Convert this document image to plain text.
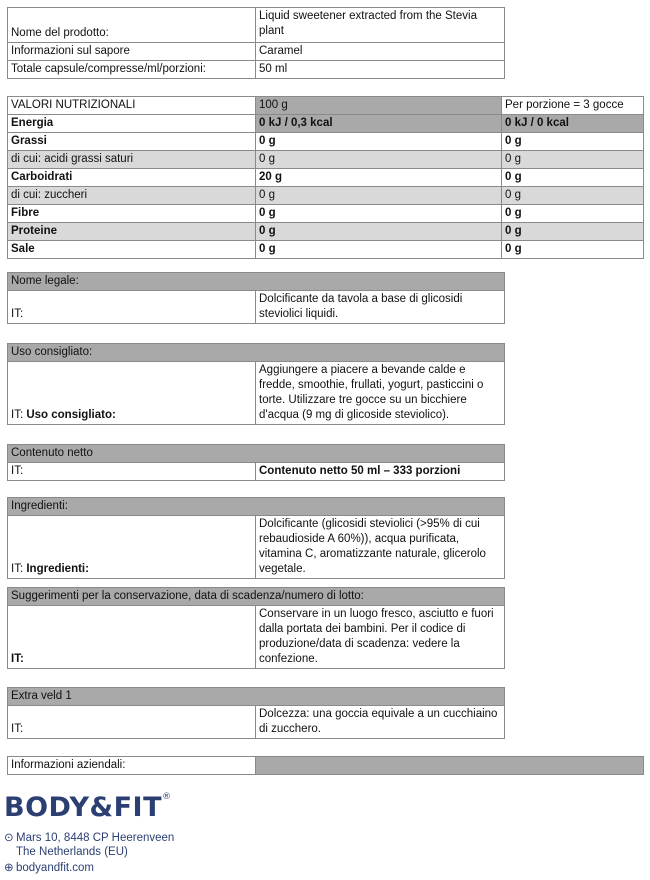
Nome del prodotto:	Liquid sweetener extracted from the Stevia plant
Informazioni sul sapore	Caramel
Totale capsule/compresse/ml/porzioni:	50 ml
VALORI NUTRIZIONALI	100 g	Per porzione = 3 gocce
Energia	0 kJ / 0,3 kcal	0 kJ / 0 kcal
Grassi	0 g	0 g
di cui: acidi grassi saturi	0 g	0 g
Carboidrati	20 g	0 g
di cui: zuccheri	0 g	0 g
Fibre	0 g	0 g
Proteine	0 g	0 g
Sale	0 g	0 g
Nome legale:
IT:	Dolcificante da tavola a base di glicosidi steviolici liquidi.
Uso consigliato:
IT: Uso consigliato:	Aggiungere a piacere a bevande calde e fredde, smoothie, frullati, yogurt, pasticcini o torte. Utilizzare tre gocce su un bicchiere d'acqua (9 mg di glicoside steviolico).
Contenuto netto
IT:	Contenuto netto 50 ml – 333 porzioni
Ingredienti:
IT: Ingredienti:	Dolcificante (glicosidi steviolici (>95% di cui rebaudioside A 60%)), acqua purificata, vitamina C, aromatizzante naturale, glicerolo vegetale.
Suggerimenti per la conservazione, data di scadenza/numero di lotto:
IT:	Conservare in un luogo fresco, asciutto e fuori dalla portata dei bambini. Per il codice di produzione/data di scadenza: vedere la confezione.
Extra veld 1
IT:	Dolcezza: una goccia equivale a un cucchiaino di zucchero.
Informazioni aziendali:	
BODY&FIT®
⊙ Mars 10, 8448 CP Heerenveen
The Netherlands (EU)
⊕ bodyandfit.com
